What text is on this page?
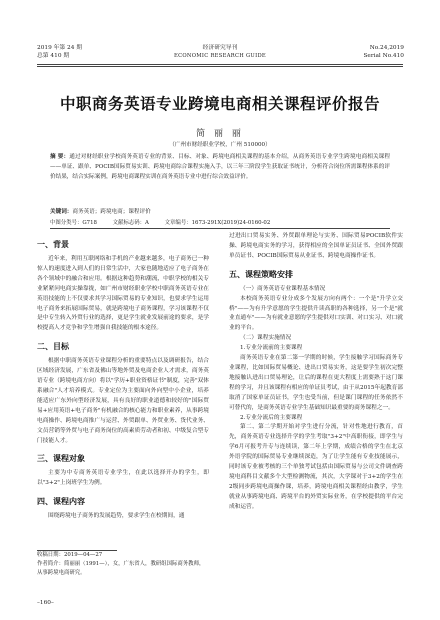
2019 年第 24 期
总第 410 期
经济研究导刊
ECONOMIC RESEARCH GUIDE
No.24,2019
Serial No.410
中职商务英语专业跨境电商相关课程评价报告
简 丽 丽
（广州市财经职业学校，广州 510000）
摘 要：通过对财经职业学校商务英语专业的背景、目标、对象、跨境电商相关课程的基本介绍，从商务英语专业学生跨境电商相关课程——单证、跟单、POCIB国际贸易实训、跨境电商综合课程实施入手，以三年三阶段学生获取证书统计，分析符合岗位所需课程体系的评价结果，结合实际案例，跨境电商课程实训在商务英语专业中进行综合效益评价。
关键词：商务英语；跨境电商；课程评价
中图分类号：G718	文献标志码：A	文章编号：1673-291X(2019)24-0160-02
一、背景

近年来，利用互联网络和手机的产业越来越多，电子商务已一种惊人的速度进入到人们的日常生活中，大家也随地适应了电子商务在各个领域中的融合和应用。根据这种趋势和潮流，中职学校的相关专业紧紧问电商实操靠拢，如广州市财经职业学校中职商务英语专业在英语技能的上不仅要求其学习国际贸易的专业知识，也要求学生运用电子商务来拓展国际贸易，就是跨境电子商务课程，学习该课程不仅是中专生转入外贸行业的选择，更是学生就业发展前途的要求，是学校提高人才竞争和学生增强自我技能的根本途径。

二、目标

根据中职商务英语专业课程分析的重要特点以及调研报告，结合区域经济发展，广东省及佛山等地外贸及电商企业人才需求，商务英语专业（跨境电商方向）将以"学历+职业资格证书"制度，完善"双体系融合"人才培养模式。专业定位为主要面向外向型中小企业，培养能适应广东外向型经济发展，具有良好的职业道德和较好的"国际贸易+应用英语+电子商务"有机融合的核心能力和职业素养，从事跨境电商操作、跨境电商推广与运营、外贸跟单、外贸业务、货代业务、文员营销等外贸与电子商务岗位的高素质劳动者和初、中级复合型专门技能人才。

三、课程对象

主要为中专商务英语专业学生，在此以选择开办的学生，即以"3+2"上岗班学生为例。

四、课程内容

围绕跨境电子商务的发展趋势，要求学生在校期间，通

收稿日期：2019—04—27
作者简介：简丽丽（1991—），女，广东省人，教研组国际商务教师，从事跨境电商研究。

过进出口贸易实务、外贸跟单理论与实务、国际贸易POCIB软件实操、跨境电商实务的学习，获得相应的全国单证员证书、全国外贸跟单员证书、POCIB国际贸易从业证书、跨境电商操作证书。

五、课程策略安排

（一）商务英语专业课程基本情况

本校商务英语专业分成多个发展方向有两个：一个是"升学立交桥"——为有升学意愿的学生提供升读高职的各种选择，另一个是"就业直通车"——为有就业意愿的学生提供对口实训、对口实习、对口就业的平台。

（二）课程实施情况

1.专业分流前的主要课程

商务英语专业在第二第一学期的时候，学生接触学习国际商务专业课程，比如国际贸易概论、进出口贸易实务，这是要学生初次完整地接触认进出口贸易理论，让后的课程在更大程度上需要熟于这门课程的学习，并且该课程有相应的单证员考试，由于从2015年起教育部取消了国家单证员证书，学生也受当前，但是课门课程的任务依然不可替代的，是商务英语专业学生基础知识最重要的商务课程之一。

2.专业分流后的主要课程

第二、第二学期开始对学生进行分流，针对性地进行教育，首先，商务英语专业选择升学的学生考取"3+2"中高职衔接，即学生与学6月可报考升专与连续读，第二年上学期，成绩合格的学生在北京外语学院的国际贸易专业继续深造，为了让学生能有专业技能展示，同时该专业被考核的三个单独考试包括由国际贸易与公司文件调查跨境电商科目文献多个大型检测物流，其次，大学课对于3+2的学生在2级同步跨境电商操作课，培养，跨境电商相关课程经由教学，学生就业从事跨境电商、跨境平台的外贸实际业务，在学校提供的平台完成和运营。

–160–
